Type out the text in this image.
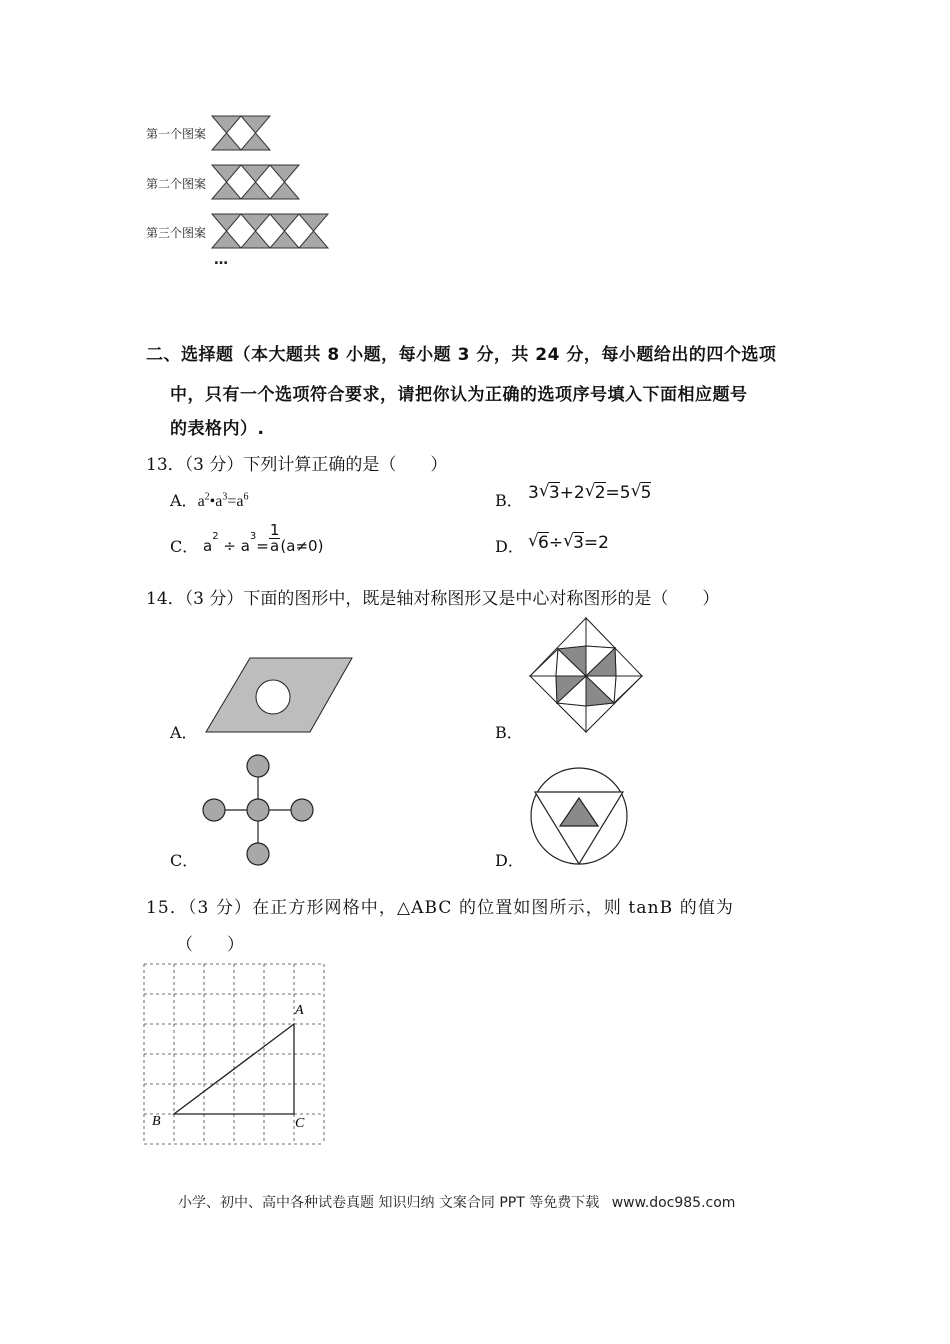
第一个图案
第二个图案
第三个图案
…
二、选择题（本大题共 8 小题，每小题 3 分，共 24 分，每小题给出的四个选项
中，只有一个选项符合要求，请把你认为正确的选项序号填入下面相应题号
的表格内）.
13．（3 分）下列计算正确的是（　　）
A．$a^2•a^3=a^6$	B． 3 √ 3+2 √ 2=5 √ 5
C． $a^2 \div a^3= \frac{1}{a} (a\ne 0)$	D． √ 6÷ √ 3=2
14．（3 分）下面的图形中，既是轴对称图形又是中心对称图形的是（　　）
A．	B．
C．	D．
15．（3 分）在正方形网格中，△ABC 的位置如图所示，则 tanB 的值为
（　　）
A
B	C
小学、初中、高中各种试卷真题 知识归纳 文案合同 PPT 等免费下载 www.doc985.com
